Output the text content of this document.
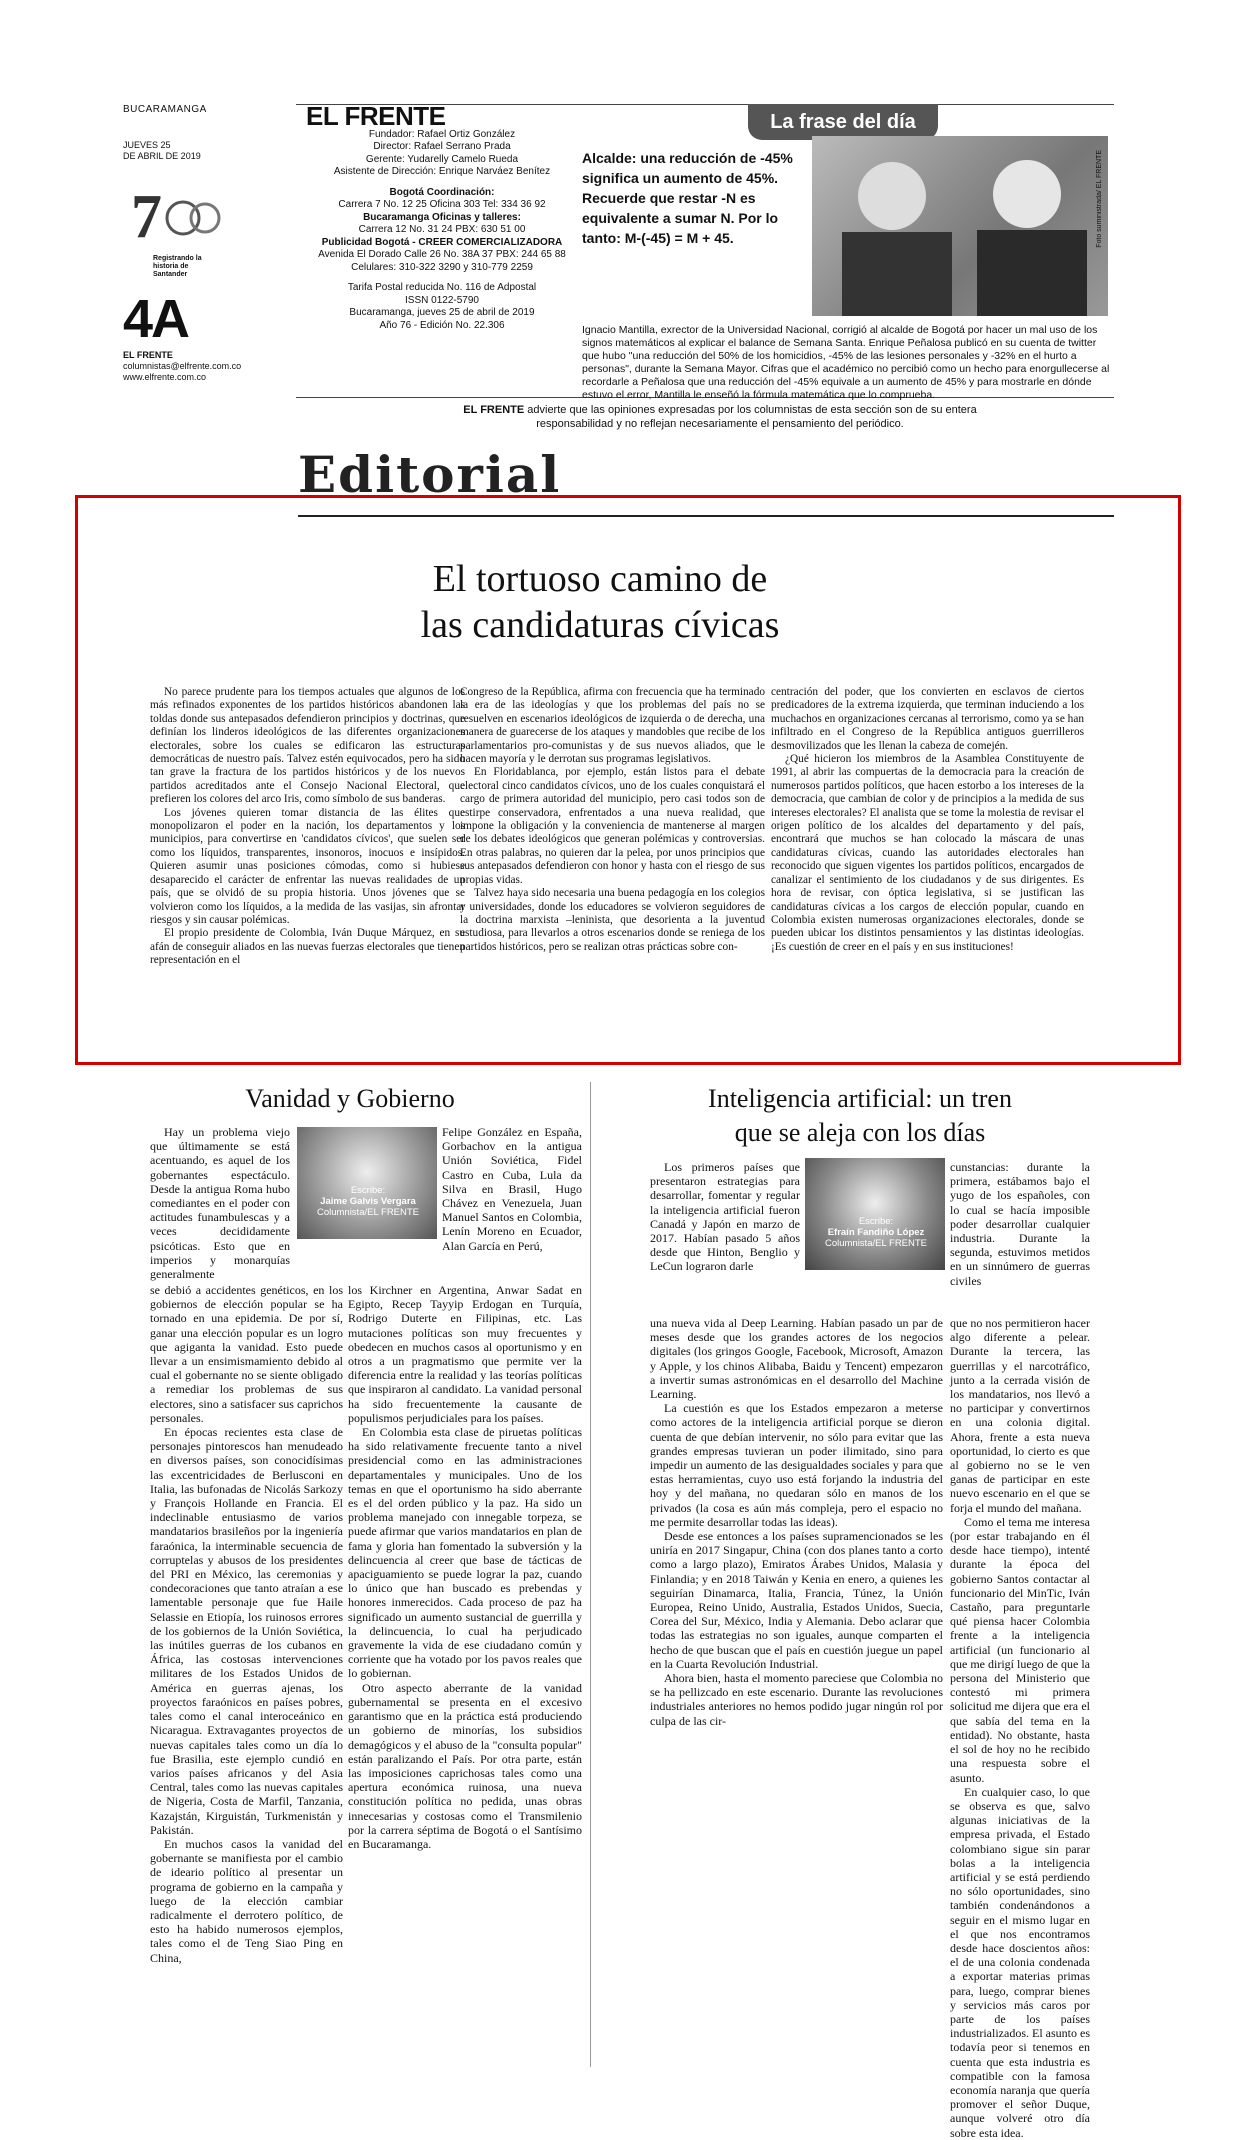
BUCARAMANGA
JUEVES 25
DE ABRIL DE 2019
7
Registrando la historia de Santander
4A
EL FRENTE
columnistas@elfrente.com.co
www.elfrente.com.co
EL FRENTE

Fundador: Rafael Ortiz González

Director: Rafael Serrano Prada

Gerente: Yudarelly Camelo Rueda

Asistente de Dirección: Enrique Narváez Benítez

Bogotá Coordinación:

Carrera 7 No. 12 25 Oficina 303 Tel: 334 36 92

Bucaramanga Oficinas y talleres:

Carrera 12 No. 31 24 PBX: 630 51 00

Publicidad Bogotá - CREER COMERCIALIZADORA

Avenida El Dorado Calle 26 No. 38A 37 PBX: 244 65 88

Celulares: 310-322 3290 y 310-779 2259

Tarifa Postal reducida No. 116 de Adpostal

ISSN 0122-5790

Bucaramanga, jueves 25 de abril de 2019

Año 76 - Edición No. 22.306

La frase del día
Alcalde: una reducción de -45% significa un aumento de 45%. Recuerde que restar -N es equivalente a sumar N. Por lo tanto: M-(-45) = M + 45.	Foto suministrada/ EL FRENTE
Ignacio Mantilla, exrector de la Universidad Nacional, corrigió al alcalde de Bogotá por hacer un mal uso de los signos matemáticos al explicar el balance de Semana Santa. Enrique Peñalosa publicó en su cuenta de twitter que hubo "una reducción del 50% de los homicidios, -45% de las lesiones personales y -32% en el hurto a personas", durante la Semana Mayor. Cifras que el académico no percibió como un hecho para enorgullecerse al recordarle a Peñalosa que una reducción del -45% equivale a un aumento de 45% y para mostrarle en dónde estuvo el error, Mantilla le enseñó la fórmula matemática que lo comprueba.
EL FRENTE advierte que las opiniones expresadas por los columnistas de esta sección son de su entera responsabilidad y no reflejan necesariamente el pensamiento del periódico.
Editorial
El tortuoso camino de
las candidaturas cívicas

No parece prudente para los tiempos actuales que algunos de los más refinados exponentes de los partidos históricos abandonen las toldas donde sus antepasados defendieron principios y doctrinas, que definían los linderos ideológicos de las diferentes organizaciones electorales, sobre los cuales se edificaron las estructuras democráticas de nuestro país. Talvez estén equivocados, pero ha sido tan grave la fractura de los partidos históricos y de los nuevos partidos acreditados ante el Consejo Nacional Electoral, que prefieren los colores del arco Iris, como símbolo de sus banderas.

Los jóvenes quieren tomar distancia de las élites que monopolizaron el poder en la nación, los departamentos y los municipios, para convertirse en 'candidatos cívicos', que suelen ser como los líquidos, transparentes, insonoros, inocuos e insípidos. Quieren asumir unas posiciones cómodas, como si hubiese desaparecido el carácter de enfrentar las nuevas realidades de un país, que se olvidó de su propia historia. Unos jóvenes que se volvieron como los líquidos, a la medida de las vasijas, sin afrontar riesgos y sin causar polémicas.

El propio presidente de Colombia, Iván Duque Márquez, en su afán de conseguir aliados en las nuevas fuerzas electorales que tienen representación en el

Congreso de la República, afirma con frecuencia que ha terminado la era de las ideologías y que los problemas del país no se resuelven en escenarios ideológicos de izquierda o de derecha, una manera de guarecerse de los ataques y mandobles que recibe de los parlamentarios pro-comunistas y de sus nuevos aliados, que le hacen mayoría y le derrotan sus programas legislativos.

En Floridablanca, por ejemplo, están listos para el debate electoral cinco candidatos cívicos, uno de los cuales conquistará el cargo de primera autoridad del municipio, pero casi todos son de estirpe conservadora, enfrentados a una nueva realidad, que impone la obligación y la conveniencia de mantenerse al margen de los debates ideológicos que generan polémicas y controversias. En otras palabras, no quieren dar la pelea, por unos principios que sus antepasados defendieron con honor y hasta con el riesgo de sus propias vidas.

Talvez haya sido necesaria una buena pedagogía en los colegios y universidades, donde los educadores se volvieron seguidores de la doctrina marxista –leninista, que desorienta a la juventud estudiosa, para llevarlos a otros escenarios donde se reniega de los partidos históricos, pero se realizan otras prácticas sobre con-

centración del poder, que los convierten en esclavos de ciertos predicadores de la extrema izquierda, que terminan induciendo a los muchachos en organizaciones cercanas al terrorismo, como ya se han infiltrado en el Congreso de la República antiguos guerrilleros desmovilizados que les llenan la cabeza de comején.

¿Qué hicieron los miembros de la Asamblea Constituyente de 1991, al abrir las compuertas de la democracia para la creación de numerosos partidos políticos, que hacen estorbo a los intereses de la democracia, que cambian de color y de principios a la medida de sus intereses electorales? El analista que se tome la molestia de revisar el origen político de los alcaldes del departamento y del país, encontrará que muchos se han colocado la máscara de unas candidaturas cívicas, cuando las autoridades electorales han reconocido que siguen vigentes los partidos políticos, encargados de canalizar el sentimiento de los ciudadanos y de sus dirigentes. Es hora de revisar, con óptica legislativa, si se justifican las candidaturas cívicas a los cargos de elección popular, cuando en Colombia existen numerosas organizaciones electorales, donde se pueden ubicar los distintos pensamientos y las distintas ideologías. ¡Es cuestión de creer en el país y en sus instituciones!

Vanidad y Gobierno

Hay un problema viejo que últimamente se está acentuando, es aquel de los gobernantes espectáculo. Desde la antigua Roma hubo comediantes en el poder con actitudes funambulescas y a veces decididamente psicóticas. Esto que en imperios y monarquías generalmente

Escribe:
Jaime Galvis Vergara
Columnista/EL FRENTE

se debió a accidentes genéticos, en los gobiernos de elección popular se ha tornado en una epidemia. De por sí, ganar una elección popular es un logro que agiganta la vanidad. Esto puede llevar a un ensimismamiento debido al cual el gobernante no se siente obligado a remediar los problemas de sus electores, sino a satisfacer sus caprichos personales.

En épocas recientes esta clase de personajes pintorescos han menudeado en diversos países, son conocidísimas las excentricidades de Berlusconi en Italia, las bufonadas de Nicolás Sarkozy y François Hollande en Francia. El indeclinable entusiasmo de varios mandatarios brasileños por la ingeniería faraónica, la interminable secuencia de corruptelas y abusos de los presidentes del PRI en México, las ceremonias y condecoraciones que tanto atraían a ese lamentable personaje que fue Haile Selassie en Etiopía, los ruinosos errores de los gobiernos de la Unión Soviética, las inútiles guerras de los cubanos en África, las costosas intervenciones militares de los Estados Unidos de América en guerras ajenas, los proyectos faraónicos en países pobres, tales como el canal interoceánico en Nicaragua. Extravagantes proyectos de nuevas capitales tales como un día lo fue Brasilia, este ejemplo cundió en varios países africanos y del Asia Central, tales como las nuevas capitales de Nigeria, Costa de Marfil, Tanzania, Kazajstán, Kirguistán, Turkmenistán y Pakistán.

En muchos casos la vanidad del gobernante se manifiesta por el cambio de ideario político al presentar un programa de gobierno en la campaña y luego de la elección cambiar radicalmente el derrotero político, de esto ha habido numerosos ejemplos, tales como el de Teng Siao Ping en China,

Felipe González en España, Gorbachov en la antigua Unión Soviética, Fidel Castro en Cuba, Lula da Silva en Brasil, Hugo Chávez en Venezuela, Juan Manuel Santos en Colombia, Lenín Moreno en Ecuador, Alan García en Perú,

los Kirchner en Argentina, Anwar Sadat en Egipto, Recep Tayyip Erdogan en Turquía, Rodrigo Duterte en Filipinas, etc. Las mutaciones políticas son muy frecuentes y obedecen en muchos casos al oportunismo y en otros a un pragmatismo que permite ver la diferencia entre la realidad y las teorías políticas que inspiraron al candidato. La vanidad personal ha sido frecuentemente la causante de populismos perjudiciales para los países.

En Colombia esta clase de piruetas políticas ha sido relativamente frecuente tanto a nivel presidencial como en las administraciones departamentales y municipales. Uno de los temas en que el oportunismo ha sido aberrante es el del orden público y la paz. Ha sido un problema manejado con innegable torpeza, se puede afirmar que varios mandatarios en plan de fama y gloria han fomentado la subversión y la delincuencia al creer que base de tácticas de apaciguamiento se puede lograr la paz, cuando lo único que han buscado es prebendas y honores inmerecidos. Cada proceso de paz ha significado un aumento sustancial de guerrilla y la delincuencia, lo cual ha perjudicado gravemente la vida de ese ciudadano común y corriente que ha votado por los pavos reales que lo gobiernan.

Otro aspecto aberrante de la vanidad gubernamental se presenta en el excesivo garantismo que en la práctica está produciendo un gobierno de minorías, los subsidios demagógicos y el abuso de la "consulta popular" están paralizando el País. Por otra parte, están las imposiciones caprichosas tales como una apertura económica ruinosa, una nueva constitución política no pedida, unas obras innecesarias y costosas como el Transmilenio por la carrera séptima de Bogotá o el Santísimo en Bucaramanga.

Inteligencia artificial: un tren
que se aleja con los días

Los primeros países que presentaron estrategias para desarrollar, fomentar y regular la inteligencia artificial fueron Canadá y Japón en marzo de 2017. Habían pasado 5 años desde que Hinton, Benglio y LeCun lograron darle

Escribe:
Efraín Fandiño López
Columnista/EL FRENTE

una nueva vida al Deep Learning. Habían pasado un par de meses desde que los grandes actores de los negocios digitales (los gringos Google, Facebook, Microsoft, Amazon y Apple, y los chinos Alibaba, Baidu y Tencent) empezaron a invertir sumas astronómicas en el desarrollo del Machine Learning.

La cuestión es que los Estados empezaron a meterse como actores de la inteligencia artificial porque se dieron cuenta de que debían intervenir, no sólo para evitar que las grandes empresas tuvieran un poder ilimitado, sino para impedir un aumento de las desigualdades sociales y para que estas herramientas, cuyo uso está forjando la industria del hoy y del mañana, no quedaran sólo en manos de los privados (la cosa es aún más compleja, pero el espacio no me permite desarrollar todas las ideas).

Desde ese entonces a los países supramencionados se les uniría en 2017 Singapur, China (con dos planes tanto a corto como a largo plazo), Emiratos Árabes Unidos, Malasia y Finlandia; y en 2018 Taiwán y Kenia en enero, a quienes les seguirían Dinamarca, Italia, Francia, Túnez, la Unión Europea, Reino Unido, Australia, Estados Unidos, Suecia, Corea del Sur, México, India y Alemania. Debo aclarar que todas las estrategias no son iguales, aunque comparten el hecho de que buscan que el país en cuestión juegue un papel en la Cuarta Revolución Industrial.

Ahora bien, hasta el momento pareciese que Colombia no se ha pellizcado en este escenario. Durante las revoluciones industriales anteriores no hemos podido jugar ningún rol por culpa de las cir-

cunstancias: durante la primera, estábamos bajo el yugo de los españoles, con lo cual se hacía imposible poder desarrollar cualquier industria. Durante la segunda, estuvimos metidos en un sinnúmero de guerras civiles

que no nos permitieron hacer algo diferente a pelear. Durante la tercera, las guerrillas y el narcotráfico, junto a la cerrada visión de los mandatarios, nos llevó a no participar y convertirnos en una colonia digital. Ahora, frente a esta nueva oportunidad, lo cierto es que al gobierno no se le ven ganas de participar en este nuevo escenario en el que se forja el mundo del mañana.

Como el tema me interesa (por estar trabajando en él desde hace tiempo), intenté durante la época del gobierno Santos contactar al funcionario del MinTic, Iván Castaño, para preguntarle qué piensa hacer Colombia frente a la inteligencia artificial (un funcionario al que me dirigí luego de que la persona del Ministerio que contestó mi primera solicitud me dijera que era el que sabía del tema en la entidad). No obstante, hasta el sol de hoy no he recibido una respuesta sobre el asunto.

En cualquier caso, lo que se observa es que, salvo algunas iniciativas de la empresa privada, el Estado colombiano sigue sin parar bolas a la inteligencia artificial y se está perdiendo no sólo oportunidades, sino también condenándonos a seguir en el mismo lugar en el que nos encontramos desde hace doscientos años: el de una colonia condenada a exportar materias primas para, luego, comprar bienes y servicios más caros por parte de los países industrializados. El asunto es todavía peor si tenemos en cuenta que esta industria es compatible con la famosa economía naranja que quería promover el señor Duque, aunque volveré otro día sobre esta idea.
